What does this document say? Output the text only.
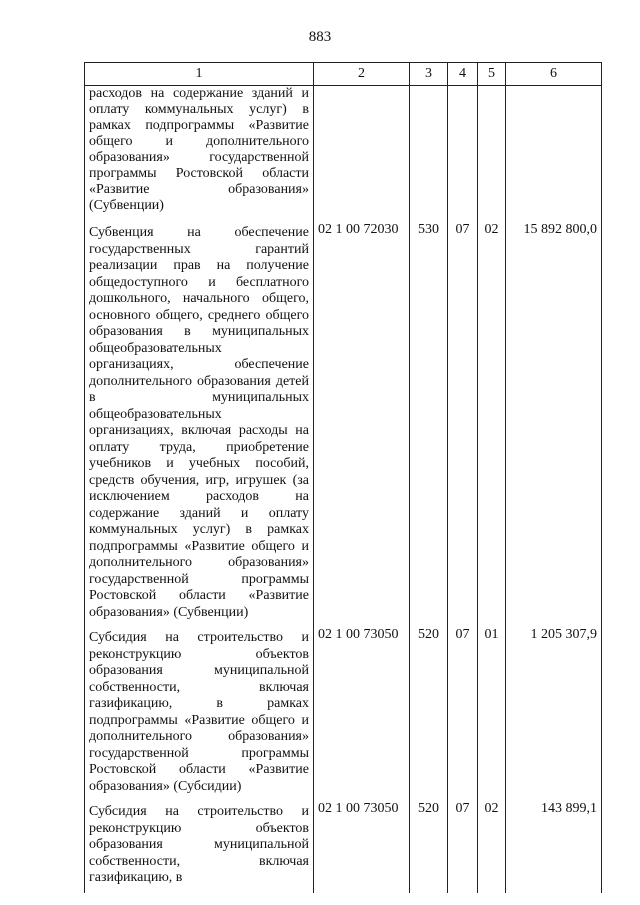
883
1	2	3	4	5	6
расходов на содержание зданий и оплату коммунальных услуг) в рамках подпрограммы «Развитие общего и дополнительного образования» государственной программы Ростовской области «Развитие образования» (Субвенции)					
Субвенция на обеспечение государственных гарантий реализации прав на получение общедоступного и бесплатного дошкольного, начального общего, основного общего, среднего общего образования в муниципальных общеобразовательных организациях, обеспечение дополнительного образования детей в муниципальных общеобразовательных организациях, включая расходы на оплату труда, приобретение учебников и учебных пособий, средств обучения, игр, игрушек (за исключением расходов на содержание зданий и оплату коммунальных услуг) в рамках подпрограммы «Развитие общего и дополнительного образования» государственной программы Ростовской области «Развитие образования» (Субвенции)	02 1 00 72030	530	07	02	15 892 800,0
Субсидия на строительство и реконструкцию объектов образования муниципальной собственности, включая газификацию, в рамках подпрограммы «Развитие общего и дополнительного образования» государственной программы Ростовской области «Развитие образования» (Субсидии)	02 1 00 73050	520	07	01	1 205 307,9
Субсидия на строительство и реконструкцию объектов образования муниципальной собственности, включая газификацию, в	02 1 00 73050	520	07	02	143 899,1
